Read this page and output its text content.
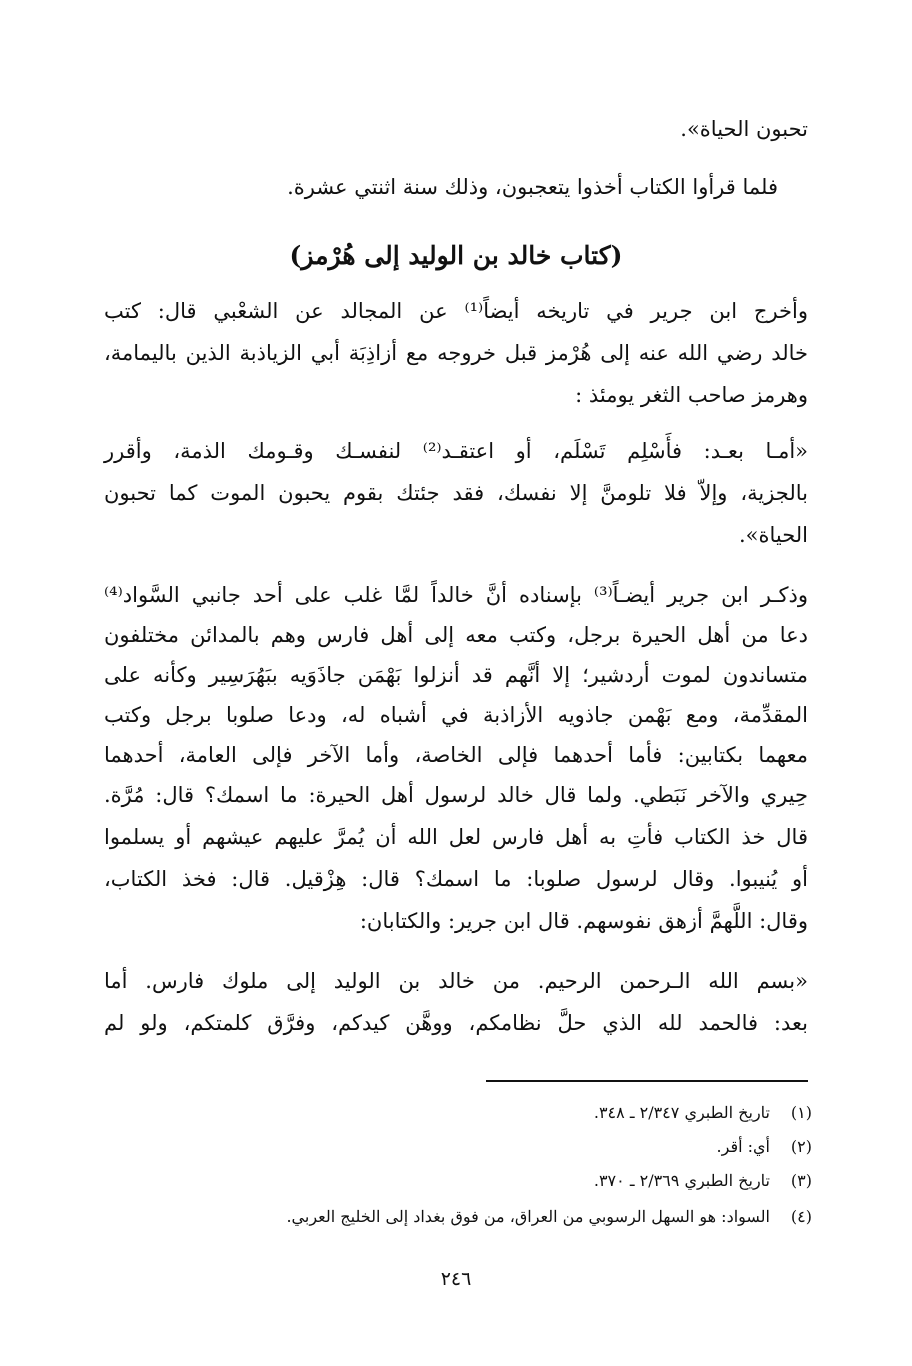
تحبون الحياة».
فلما قرأوا الكتاب أخذوا يتعجبون، وذلك سنة اثنتي عشرة.
(كتاب خالد بن الوليد إلى هُرْمز)
وأخرج ابن جرير في تاريخه أيضاً⁽¹⁾ عن المجالد عن الشعْبي قال: كتب
خالد رضي الله عنه إلى هُرْمز قبل خروجه مع أزاذِبَة أبي الزياذبة الذين باليمامة،
وهرمز صاحب الثغر يومئذ :
«أمـا بعـد: فأَسْلِم تَسْلَم، أو اعتقـد⁽²⁾ لنفسـك وقـومك الذمة، وأقرر
بالجزية، وإلاّ فلا تلومنَّ إلا نفسك، فقد جئتك بقوم يحبون الموت كما تحبون
الحياة».
وذكـر ابن جرير أيضـاً⁽³⁾ بإسناده أنَّ خالداً لمَّا غلب على أحد جانبي السَّواد⁽⁴⁾
دعا من أهل الحيرة برجل، وكتب معه إلى أهل فارس وهم بالمدائن مختلفون
متساندون لموت أردشير؛ إلا أنَّهم قد أنزلوا بَهْمَن جاذَوَيه ببَهُرَسِير وكأنه على
المقدِّمة، ومع بَهْمن جاذويه الأزاذبة في أشباه له، ودعا صلوبا برجل وكتب
معهما بكتابين: فأما أحدهما فإلى الخاصة، وأما الآخر فإلى العامة، أحدهما
حِيري والآخر نَبَطي. ولما قال خالد لرسول أهل الحيرة: ما اسمك؟ قال: مُرَّة.
قال خذ الكتاب فأتِ به أهل فارس لعل الله أن يُمرَّ عليهم عيشهم أو يسلموا
أو يُنيبوا. وقال لرسول صلوبا: ما اسمك؟ قال: هِزْقيل. قال: فخذ الكتاب،
وقال: اللَّهمَّ أزهق نفوسهم. قال ابن جرير: والكتابان:
«بسم الله الـرحمن الرحيم. من خالد بن الوليد إلى ملوك فارس. أما
بعد: فالحمد لله الذي حلَّ نظامكم، ووهَّن كيدكم، وفرَّق كلمتكم، ولو لم
(١)تاريخ الطبري ٢/٣٤٧ ـ ٣٤٨.
(٢)أي: أقر.
(٣)تاريخ الطبري ٢/٣٦٩ ـ ٣٧٠.
(٤)السواد: هو السهل الرسوبي من العراق، من فوق بغداد إلى الخليج العربي.
٢٤٦
